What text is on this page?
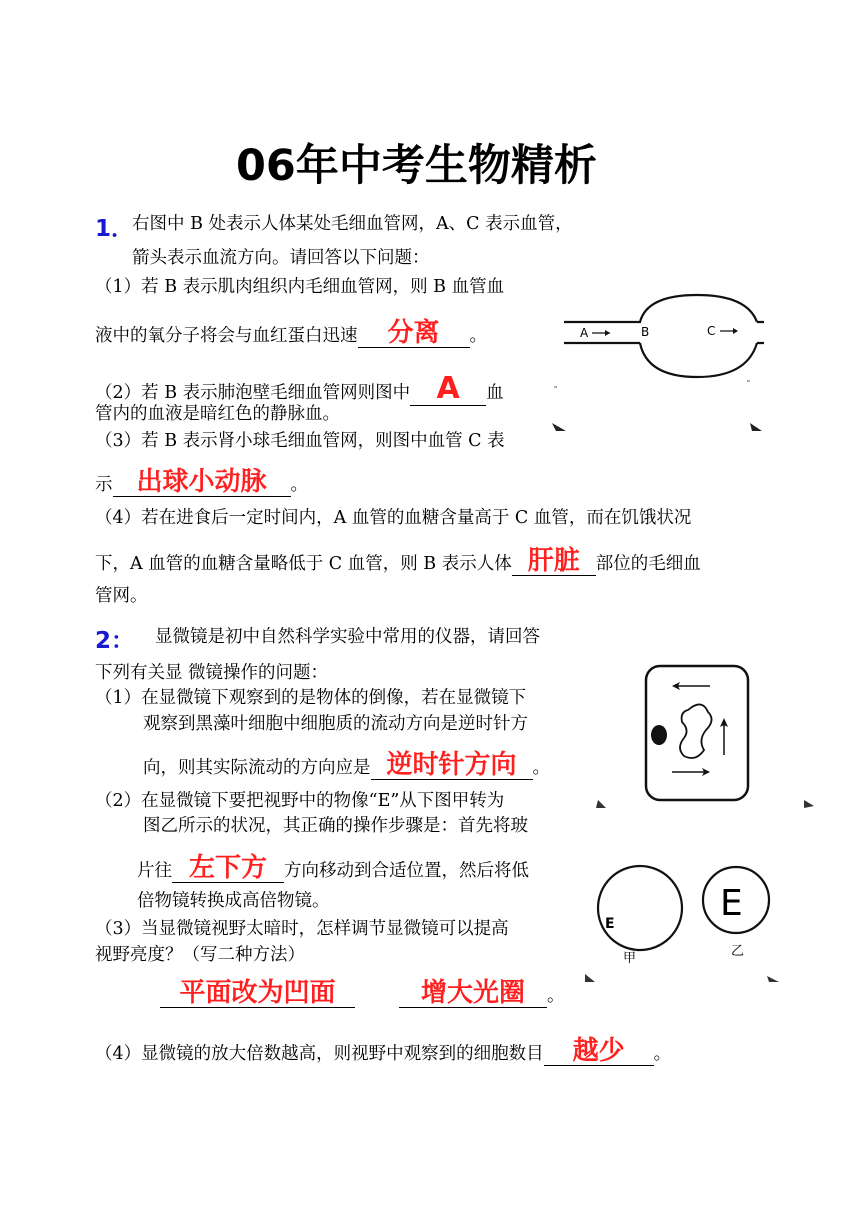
06年中考生物精析
1．
右图中 B 处表示人体某处毛细血管网，A、C 表示血管，
箭头表示血流方向。请回答以下问题：
（1）若 B 表示肌肉组织内毛细血管网，则 B 血管血
液中的氧分子将会与血红蛋白迅速 分离 。
（2）若 B 表示肺泡壁毛细血管网则图中 A 血
管内的血液是暗红色的静脉血。
（3）若 B 表示肾小球毛细血管网，则图中血管 C 表
示 出球小动脉 。
（4）若在进食后一定时间内，A 血管的血糖含量高于 C 血管，而在饥饿状况
下，A 血管的血糖含量略低于 C 血管，则 B 表示人体 肝脏 部位的毛细血
管网。
A	B	C
2： 显微镜是初中自然科学实验中常用的仪器，请回答
下列有关显 微镜操作的问题：
（1）在显微镜下观察到的是物体的倒像，若在显微镜下
观察到黑藻叶细胞中细胞质的流动方向是逆时针方
向，则其实际流动的方向应是 逆时针方向 。
（2）在显微镜下要把视野中的物像“E”从下图甲转为
图乙所示的状况，其正确的操作步骤是：首先将玻
片往 左下方 方向移动到合适位置，然后将低
倍物镜转换成高倍物镜。
（3）当显微镜视野太暗时，怎样调节显微镜可以提高
视野亮度？（写二种方法）
平面改为凹面	增大光圈 。
（4）显微镜的放大倍数越高，则视野中观察到的细胞数目 越少 。
E
甲
E
乙
